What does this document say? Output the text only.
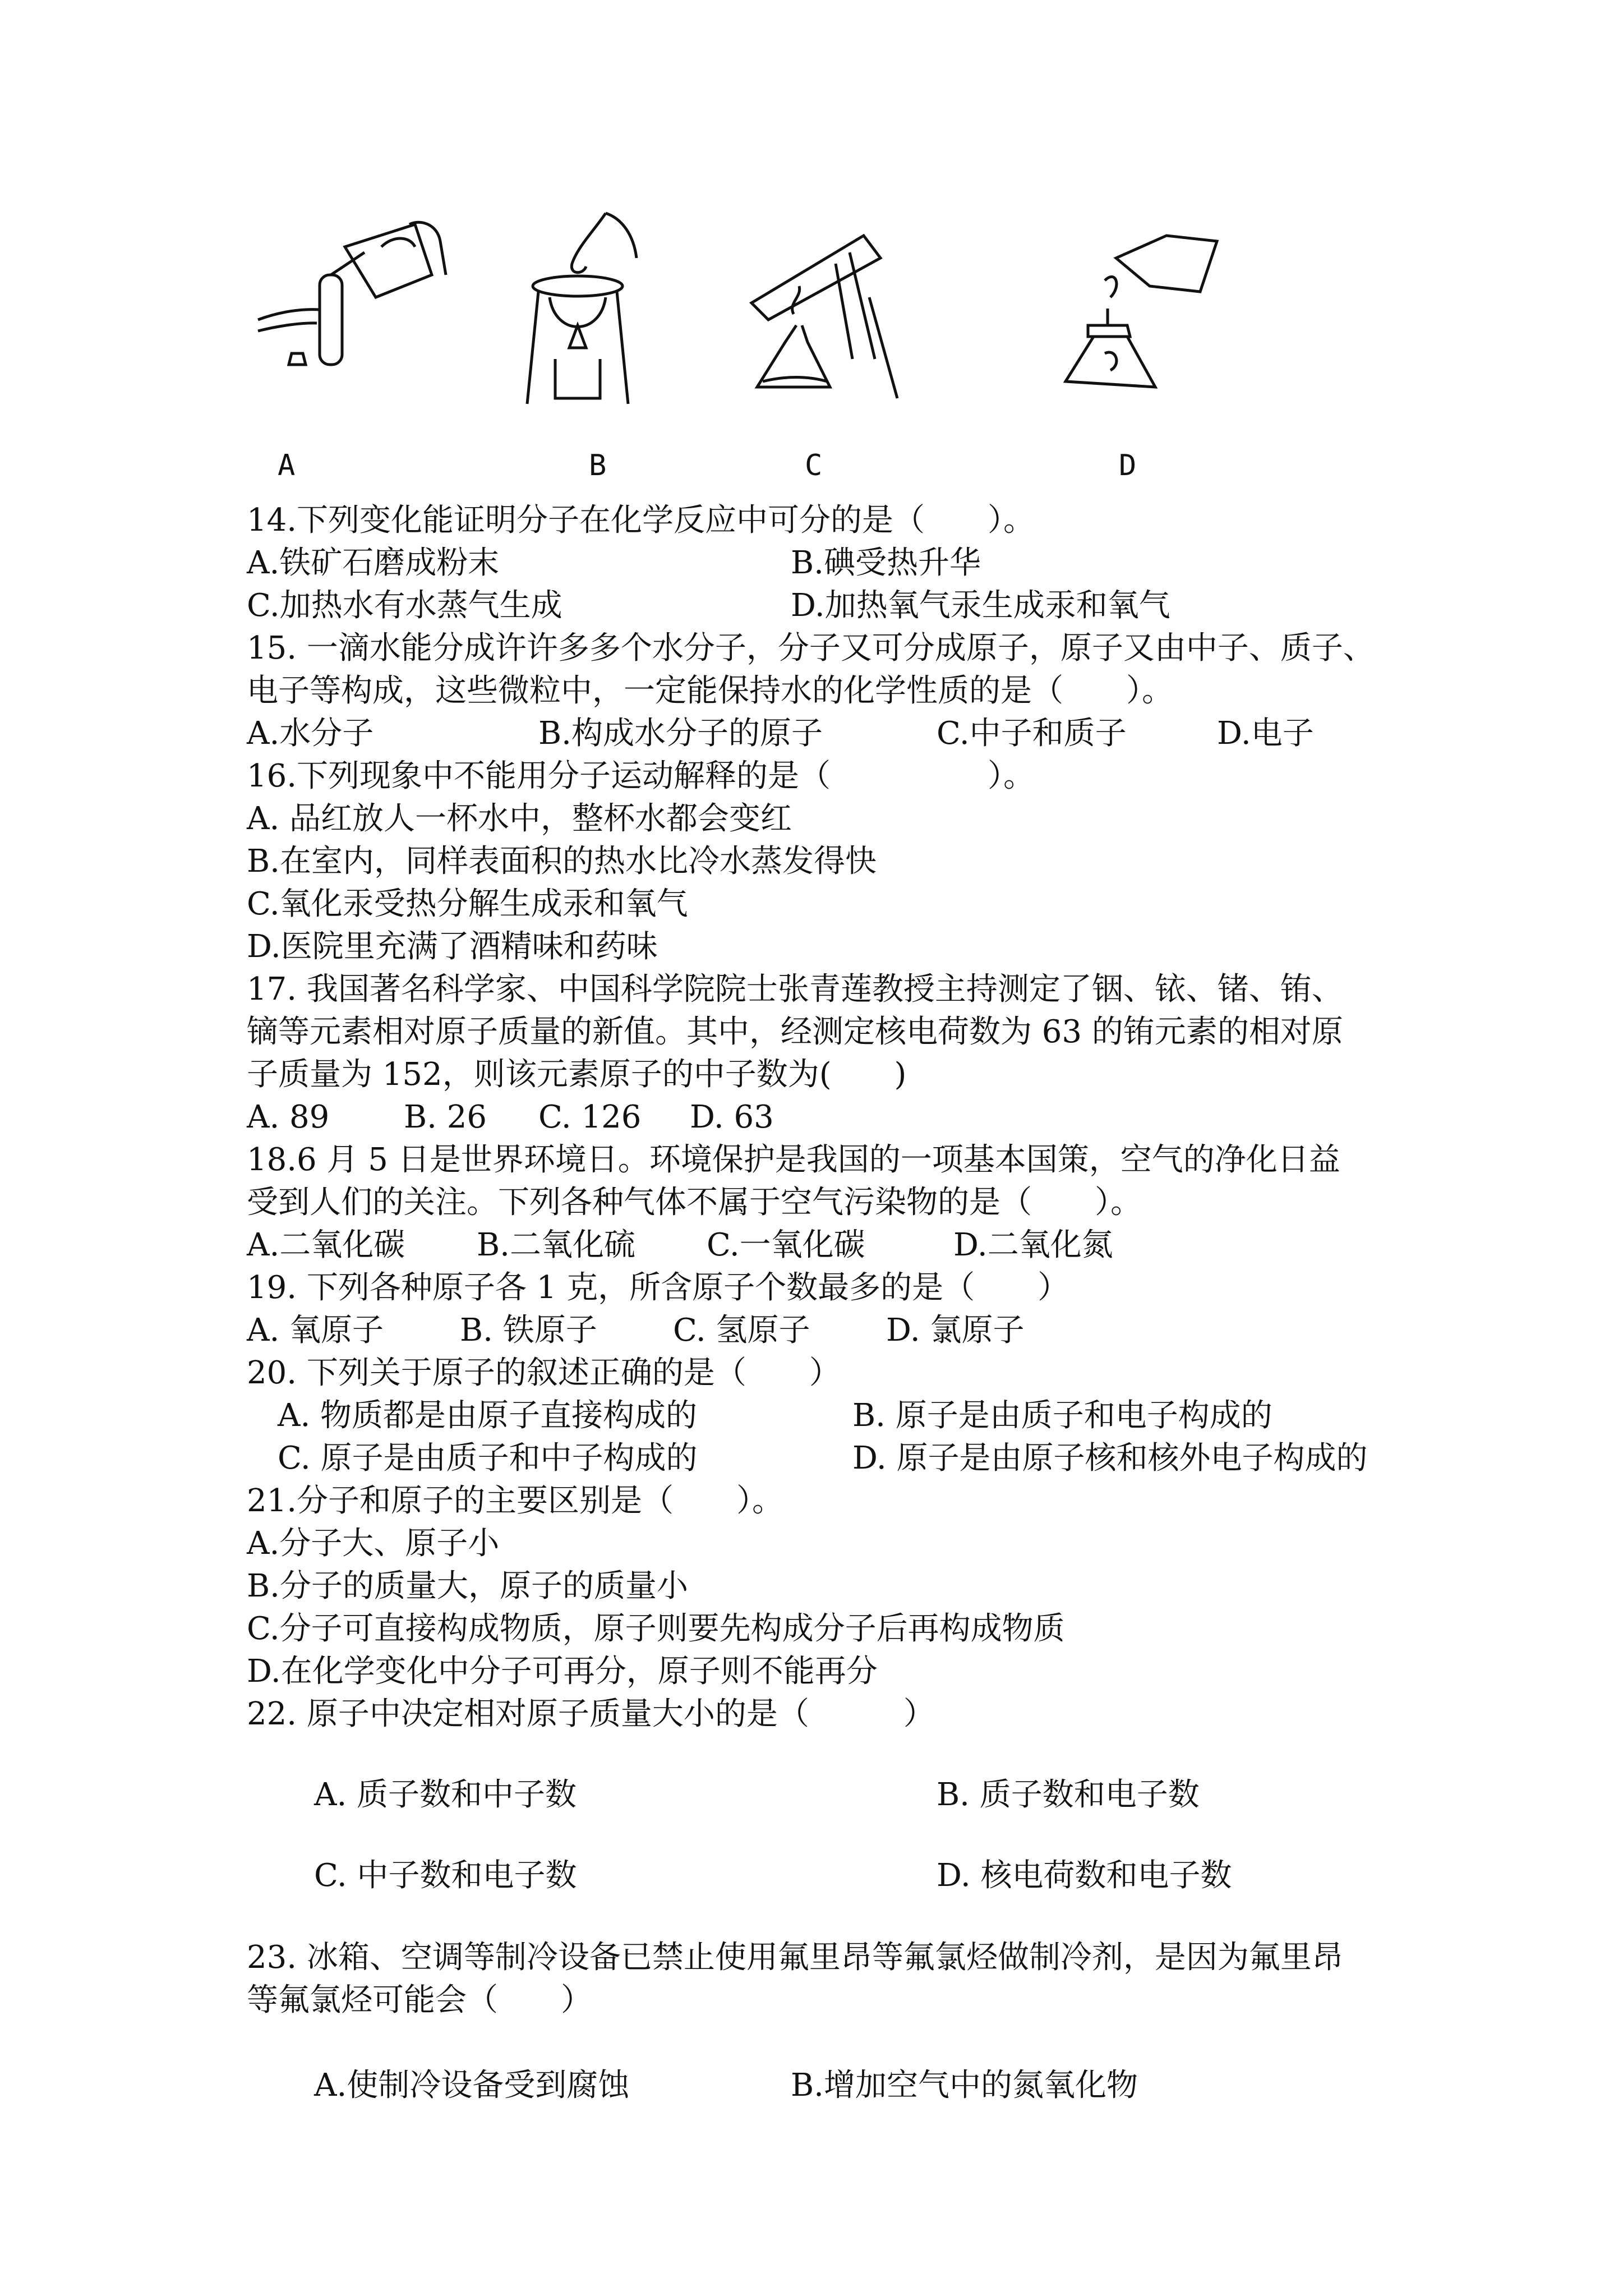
A	B	C	D
14.下列变化能证明分子在化学反应中可分的是（　　）。
A.铁矿石磨成粉末	B.碘受热升华
C.加热水有水蒸气生成	D.加热氧气汞生成汞和氧气
15. 一滴水能分成许许多多个水分子，分子又可分成原子，原子又由中子、质子、
电子等构成，这些微粒中，一定能保持水的化学性质的是（　　）。
A.水分子	B.构成水分子的原子	C.中子和质子	D.电子
16.下列现象中不能用分子运动解释的是（　　　　　）。
A. 品红放人一杯水中，整杯水都会变红
B.在室内，同样表面积的热水比冷水蒸发得快
C.氧化汞受热分解生成汞和氧气
D.医院里充满了酒精味和药味
17. 我国著名科学家、中国科学院院士张青莲教授主持测定了铟、铱、锗、铕、
镝等元素相对原子质量的新值。其中，经测定核电荷数为 63 的铕元素的相对原
子质量为 152，则该元素原子的中子数为(　　)
A. 89 B. 26 C. 126 D. 63
18.6 月 5 日是世界环境日。环境保护是我国的一项基本国策，空气的净化日益
受到人们的关注。下列各种气体不属于空气污染物的是（　　）。
A.二氧化碳 B.二氧化硫 C.一氧化碳	D.二氧化氮
19. 下列各种原子各 1 克，所含原子个数最多的是（　　）
A. 氧原子 B. 铁原子 C. 氢原子 D. 氯原子
20. 下列关于原子的叙述正确的是（　　）
A. 物质都是由原子直接构成的	B. 原子是由质子和电子构成的
C. 原子是由质子和中子构成的	D. 原子是由原子核和核外电子构成的
21.分子和原子的主要区别是（　　）。
A.分子大、原子小
B.分子的质量大，原子的质量小
C.分子可直接构成物质，原子则要先构成分子后再构成物质
D.在化学变化中分子可再分，原子则不能再分
22. 原子中决定相对原子质量大小的是（　　　）
A. 质子数和中子数	B. 质子数和电子数
C. 中子数和电子数	D. 核电荷数和电子数
23. 冰箱、空调等制冷设备已禁止使用氟里昂等氟氯烃做制冷剂，是因为氟里昂
等氟氯烃可能会（　　）
A.使制冷设备受到腐蚀	B.增加空气中的氮氧化物
